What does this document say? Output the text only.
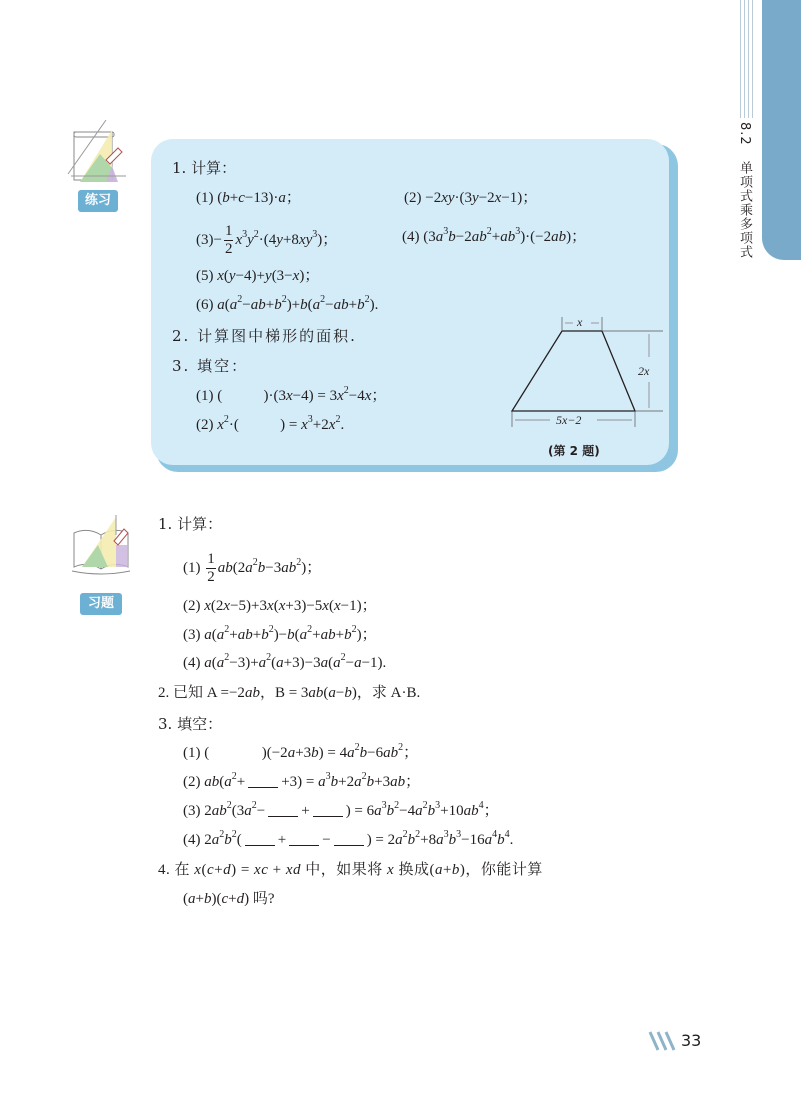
8.2 单项式乘多项式
练习
1. 计算：
(1) (b+c−13)·a；	(2) −2xy·(3y−2x−1)；
$(3)- \frac{1}{2} x^3y^2\cdot(4y+8xy^3)$；	(4) $(3a^3b-2ab^2+ab^3)\cdot(-2ab)$；
(5) x(y−4)+y(3−x)；
(6) $a(a^2-ab+b^2)+b(a^2-ab+b^2)$.
2. 计算图中梯形的面积.
3. 填空：
(1) (           )$\cdot(3x-4) = 3x^2-4x$；
(2) $x^2\cdot$(           ) = $x^3+2x^2$.
x
2x
5x−2
(第 2 题)
习题
1. 计算：
$(1) \frac{1}{2} ab(2a^2b-3ab^2)$；
(2) x(2x−5)+3x(x+3)−5x(x−1)；
(3) $a(a^2+ab+b^2)-b(a^2+ab+b^2)$；
(4) $a(a^2-3)+a^2(a+3)-3a(a^2-a-1)$.
2. 已知 A =−2ab，B = 3ab(a−b)，求 A·B.
3. 填空：
(1) (              )$(-2a+3b) = 4a^2b-6ab^2$；
(2) $ab(a^2+ +3) = a^3b+2a^2b+3ab$；
(3) $2ab^2(3a^2-$ + ) = $6a^3b^2-4a^2b^3+10ab^4$；
(4) $2a^2b^2$( + − ) = $2a^2b^2+8a^3b^3-16a^4b^4$.
4. 在 x(c+d) = xc + xd 中，如果将 x 换成(a+b)，你能计算
(a+b)(c+d) 吗?
33
